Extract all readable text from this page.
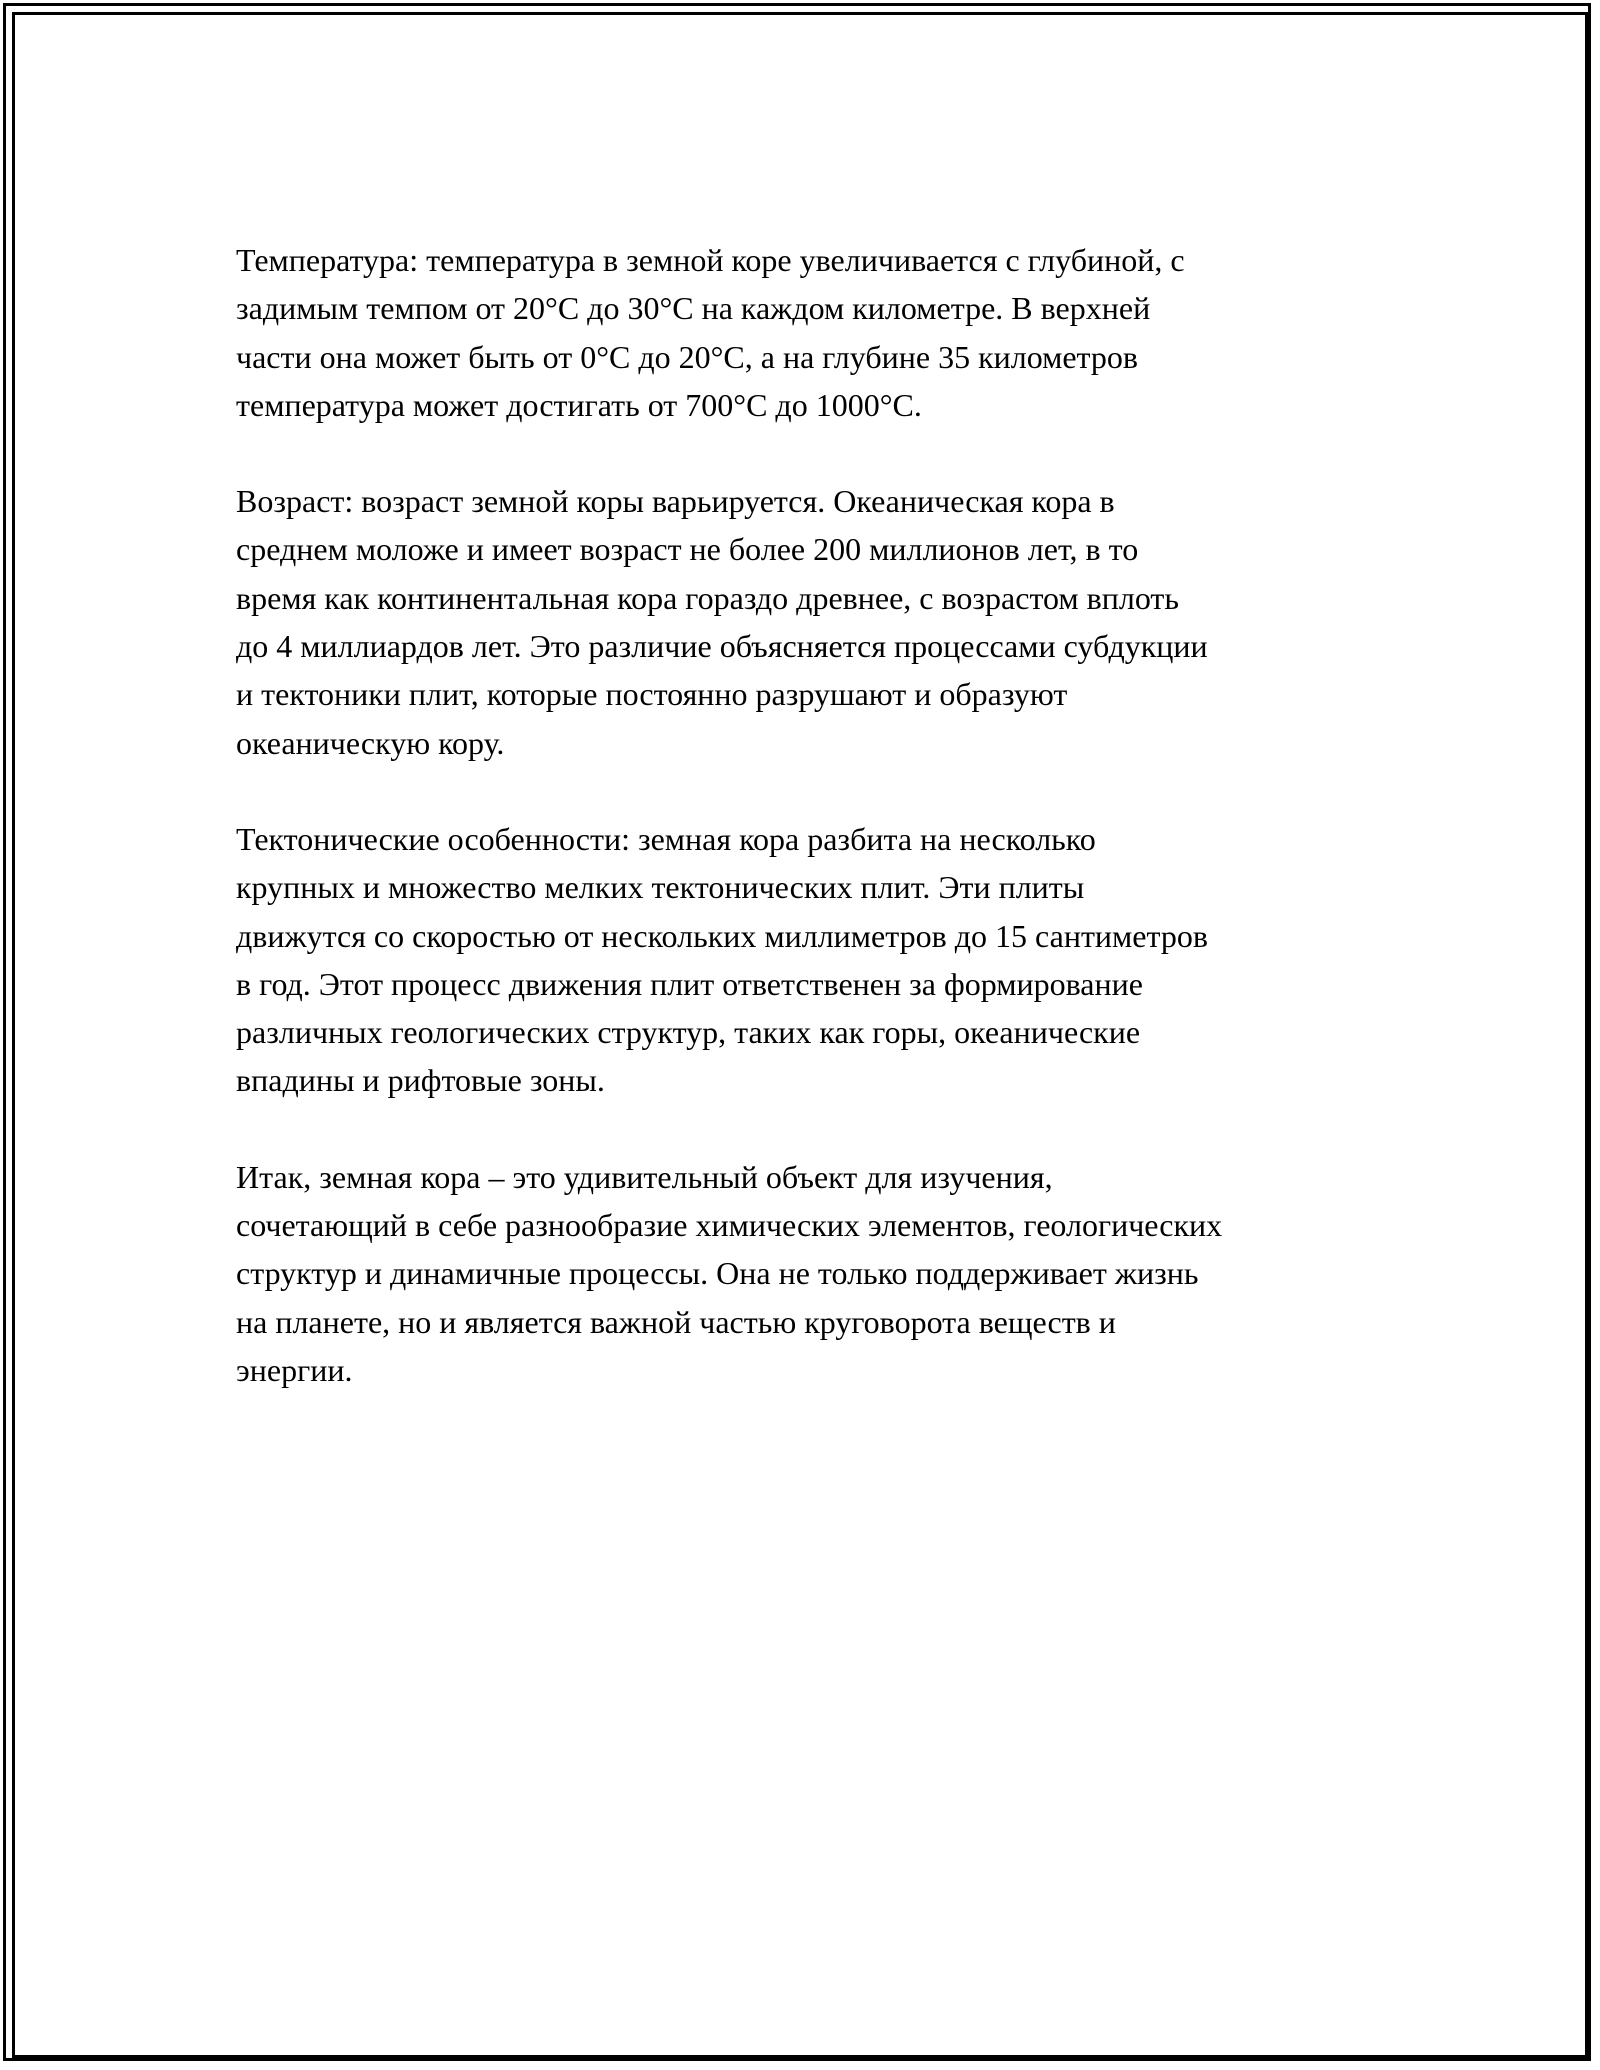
Температура: температура в земной коре увеличивается с глубиной, с
задимым темпом от 20°C до 30°C на каждом километре. В верхней
части она может быть от 0°C до 20°C, а на глубине 35 километров
температура может достигать от 700°C до 1000°C.

Возраст: возраст земной коры варьируется. Океаническая кора в
среднем моложе и имеет возраст не более 200 миллионов лет, в то
время как континентальная кора гораздо древнее, с возрастом вплоть
до 4 миллиардов лет. Это различие объясняется процессами субдукции
и тектоники плит, которые постоянно разрушают и образуют
океаническую кору.

Тектонические особенности: земная кора разбита на несколько
крупных и множество мелких тектонических плит. Эти плиты
движутся со скоростью от нескольких миллиметров до 15 сантиметров
в год. Этот процесс движения плит ответственен за формирование
различных геологических структур, таких как горы, океанические
впадины и рифтовые зоны.

Итак, земная кора – это удивительный объект для изучения,
сочетающий в себе разнообразие химических элементов, геологических
структур и динамичные процессы. Она не только поддерживает жизнь
на планете, но и является важной частью круговорота веществ и
энергии.
